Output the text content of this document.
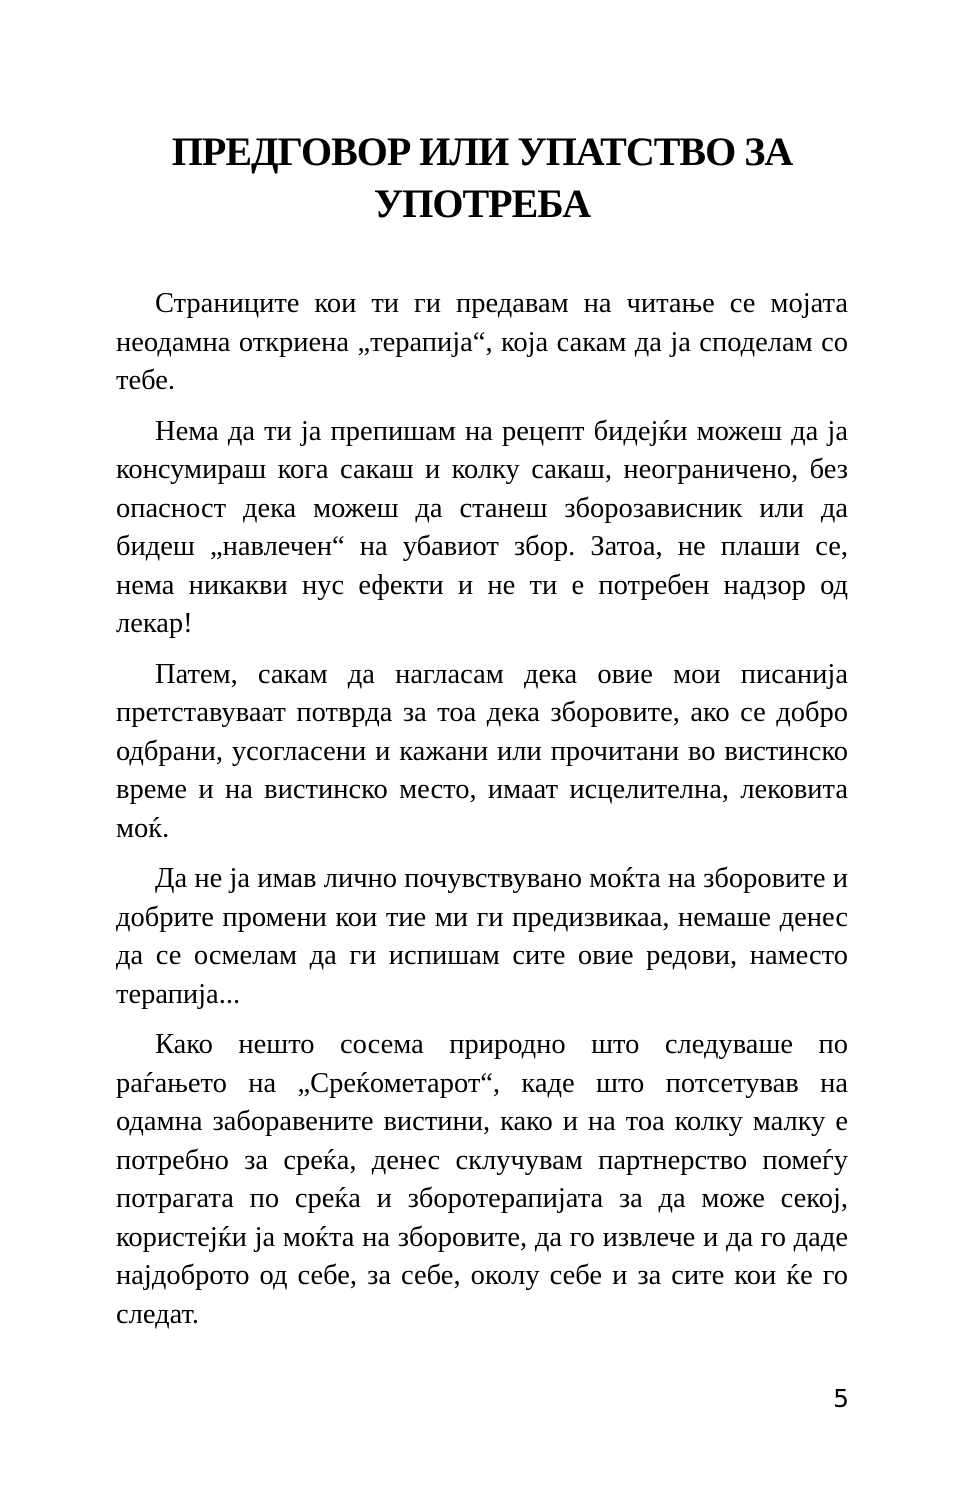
ПРЕДГОВОР ИЛИ УПАТСТВО ЗА УПОТРЕБА

Страниците кои ти ги предавам на читање се мојата неодамна откриена „терапија“, која сакам да ја споделам со тебе.

Нема да ти ја препишам на рецепт бидејќи можеш да ја консумираш кога сакаш и колку сакаш, неограничено, без опасност дека можеш да станеш зборозависник или да бидеш „навлечен“ на убавиот збор. Затоа, не плаши се, нема никакви нус ефекти и не ти е потребен надзор од лекар!

Патем, сакам да нагласам дека овие мои писанија претставуваат потврда за тоа дека зборовите, ако се добро одбрани, усогласени и кажани или прочитани во вистинско време и на вистинско место, имаат исцелителна, лековита моќ.

Да не ја имав лично почувствувано моќта на зборовите и добрите промени кои тие ми ги предизвикаа, немаше денес да се осмелам да ги испишам сите овие редови, наместо терапија...

Како нешто сосема природно што следуваше по раѓањето на „Среќометарот“, каде што потсетував на одамна заборавените вистини, како и на тоа колку малку е потребно за среќа, денес склучувам партнерство помеѓу потрагата по среќа и зборотерапијата за да може секој, користејќи ја моќта на зборовите, да го извлече и да го даде најдоброто од себе, за себе, околу себе и за сите кои ќе го следат.

5
